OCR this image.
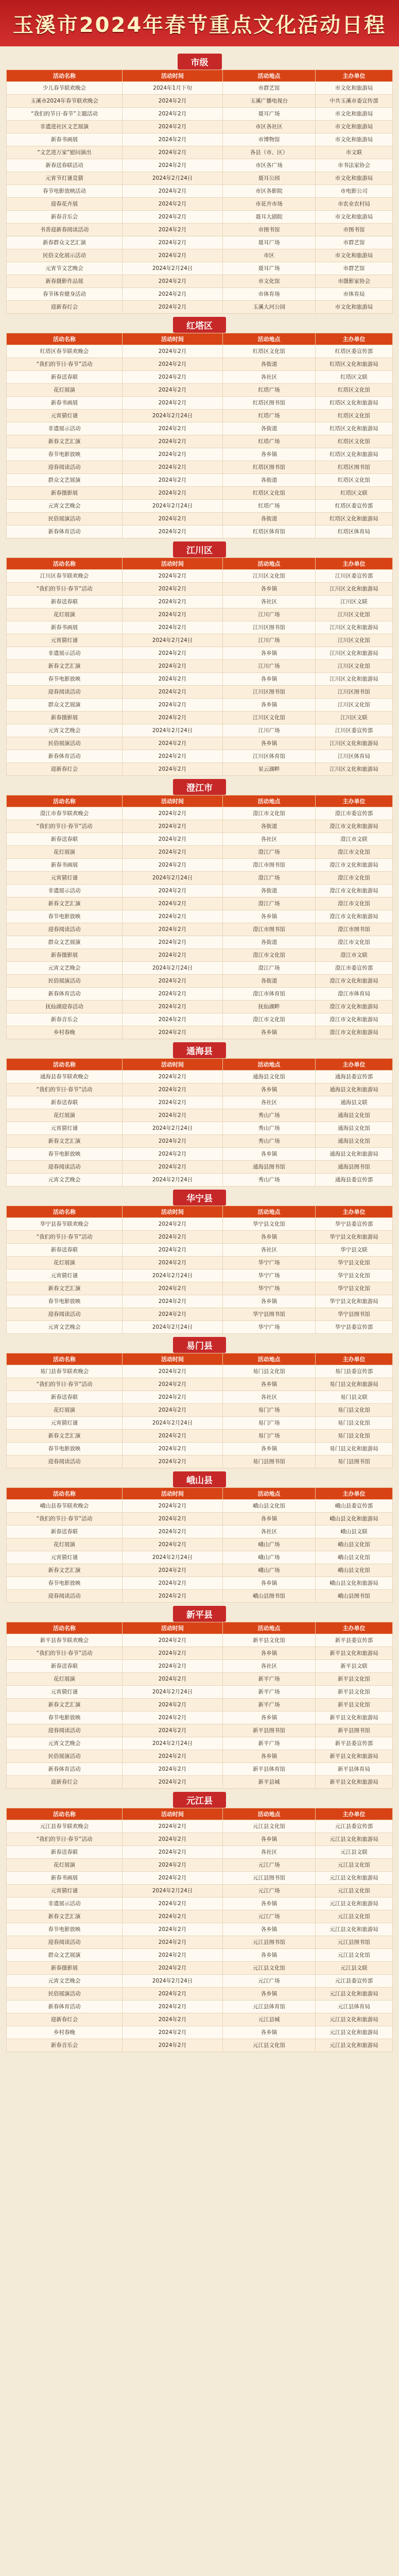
玉溪市2024年春节重点文化活动日程
市级
活动名称	活动时间	活动地点	主办单位
少儿春节联欢晚会	2024年1月下旬	市群艺馆	市文化和旅游局
玉溪市2024年春节联欢晚会	2024年2月	玉溪广播电视台	中共玉溪市委宣传部
“我们的节日·春节”主题活动	2024年2月	聂耳广场	市文化和旅游局
非遗进社区文艺展演	2024年2月	市区各社区	市文化和旅游局
新春书画展	2024年2月	市博物馆	市文化和旅游局
“文艺进万家”慰问演出	2024年2月	各县（市、区）	市文联
新春送春联活动	2024年2月	市区各广场	市书法家协会
元宵节灯谜竞猜	2024年2月24日	聂耳公园	市文化和旅游局
春节电影放映活动	2024年2月	市区各影院	市电影公司
迎春花卉展	2024年2月	市花卉市场	市农业农村局
新春音乐会	2024年2月	聂耳大剧院	市文化和旅游局
书香迎新春阅读活动	2024年2月	市图书馆	市图书馆
新春群众文艺汇演	2024年2月	聂耳广场	市群艺馆
民俗文化展示活动	2024年2月	市区	市文化和旅游局
元宵节文艺晚会	2024年2月24日	聂耳广场	市群艺馆
新春摄影作品展	2024年2月	市文化馆	市摄影家协会
春节体育健身活动	2024年2月	市体育场	市体育局
迎新春灯会	2024年2月	玉溪大河公园	市文化和旅游局
红塔区
活动名称	活动时间	活动地点	主办单位
红塔区春节联欢晚会	2024年2月	红塔区文化馆	红塔区委宣传部
“我们的节日·春节”活动	2024年2月	各街道	红塔区文化和旅游局
新春送春联	2024年2月	各社区	红塔区文联
花灯展演	2024年2月	红塔广场	红塔区文化馆
新春书画展	2024年2月	红塔区图书馆	红塔区文化和旅游局
元宵猜灯谜	2024年2月24日	红塔广场	红塔区文化馆
非遗展示活动	2024年2月	各街道	红塔区文化和旅游局
新春文艺汇演	2024年2月	红塔广场	红塔区文化馆
春节电影放映	2024年2月	各乡镇	红塔区文化和旅游局
迎春阅读活动	2024年2月	红塔区图书馆	红塔区图书馆
群众文艺展演	2024年2月	各街道	红塔区文化馆
新春摄影展	2024年2月	红塔区文化馆	红塔区文联
元宵文艺晚会	2024年2月24日	红塔广场	红塔区委宣传部
民俗展演活动	2024年2月	各街道	红塔区文化和旅游局
新春体育活动	2024年2月	红塔区体育馆	红塔区体育局
江川区
活动名称	活动时间	活动地点	主办单位
江川区春节联欢晚会	2024年2月	江川区文化馆	江川区委宣传部
“我们的节日·春节”活动	2024年2月	各乡镇	江川区文化和旅游局
新春送春联	2024年2月	各社区	江川区文联
花灯展演	2024年2月	江川广场	江川区文化馆
新春书画展	2024年2月	江川区图书馆	江川区文化和旅游局
元宵猜灯谜	2024年2月24日	江川广场	江川区文化馆
非遗展示活动	2024年2月	各乡镇	江川区文化和旅游局
新春文艺汇演	2024年2月	江川广场	江川区文化馆
春节电影放映	2024年2月	各乡镇	江川区文化和旅游局
迎春阅读活动	2024年2月	江川区图书馆	江川区图书馆
群众文艺展演	2024年2月	各乡镇	江川区文化馆
新春摄影展	2024年2月	江川区文化馆	江川区文联
元宵文艺晚会	2024年2月24日	江川广场	江川区委宣传部
民俗展演活动	2024年2月	各乡镇	江川区文化和旅游局
新春体育活动	2024年2月	江川区体育馆	江川区体育局
迎新春灯会	2024年2月	星云湖畔	江川区文化和旅游局
澄江市
活动名称	活动时间	活动地点	主办单位
澄江市春节联欢晚会	2024年2月	澄江市文化馆	澄江市委宣传部
“我们的节日·春节”活动	2024年2月	各街道	澄江市文化和旅游局
新春送春联	2024年2月	各社区	澄江市文联
花灯展演	2024年2月	澄江广场	澄江市文化馆
新春书画展	2024年2月	澄江市图书馆	澄江市文化和旅游局
元宵猜灯谜	2024年2月24日	澄江广场	澄江市文化馆
非遗展示活动	2024年2月	各街道	澄江市文化和旅游局
新春文艺汇演	2024年2月	澄江广场	澄江市文化馆
春节电影放映	2024年2月	各乡镇	澄江市文化和旅游局
迎春阅读活动	2024年2月	澄江市图书馆	澄江市图书馆
群众文艺展演	2024年2月	各街道	澄江市文化馆
新春摄影展	2024年2月	澄江市文化馆	澄江市文联
元宵文艺晚会	2024年2月24日	澄江广场	澄江市委宣传部
民俗展演活动	2024年2月	各街道	澄江市文化和旅游局
新春体育活动	2024年2月	澄江市体育馆	澄江市体育局
抚仙湖迎春活动	2024年2月	抚仙湖畔	澄江市文化和旅游局
新春音乐会	2024年2月	澄江市文化馆	澄江市文化和旅游局
乡村春晚	2024年2月	各乡镇	澄江市文化和旅游局
通海县
活动名称	活动时间	活动地点	主办单位
通海县春节联欢晚会	2024年2月	通海县文化馆	通海县委宣传部
“我们的节日·春节”活动	2024年2月	各乡镇	通海县文化和旅游局
新春送春联	2024年2月	各社区	通海县文联
花灯展演	2024年2月	秀山广场	通海县文化馆
元宵猜灯谜	2024年2月24日	秀山广场	通海县文化馆
新春文艺汇演	2024年2月	秀山广场	通海县文化馆
春节电影放映	2024年2月	各乡镇	通海县文化和旅游局
迎春阅读活动	2024年2月	通海县图书馆	通海县图书馆
元宵文艺晚会	2024年2月24日	秀山广场	通海县委宣传部
华宁县
活动名称	活动时间	活动地点	主办单位
华宁县春节联欢晚会	2024年2月	华宁县文化馆	华宁县委宣传部
“我们的节日·春节”活动	2024年2月	各乡镇	华宁县文化和旅游局
新春送春联	2024年2月	各社区	华宁县文联
花灯展演	2024年2月	华宁广场	华宁县文化馆
元宵猜灯谜	2024年2月24日	华宁广场	华宁县文化馆
新春文艺汇演	2024年2月	华宁广场	华宁县文化馆
春节电影放映	2024年2月	各乡镇	华宁县文化和旅游局
迎春阅读活动	2024年2月	华宁县图书馆	华宁县图书馆
元宵文艺晚会	2024年2月24日	华宁广场	华宁县委宣传部
易门县
活动名称	活动时间	活动地点	主办单位
易门县春节联欢晚会	2024年2月	易门县文化馆	易门县委宣传部
“我们的节日·春节”活动	2024年2月	各乡镇	易门县文化和旅游局
新春送春联	2024年2月	各社区	易门县文联
花灯展演	2024年2月	易门广场	易门县文化馆
元宵猜灯谜	2024年2月24日	易门广场	易门县文化馆
新春文艺汇演	2024年2月	易门广场	易门县文化馆
春节电影放映	2024年2月	各乡镇	易门县文化和旅游局
迎春阅读活动	2024年2月	易门县图书馆	易门县图书馆
峨山县
活动名称	活动时间	活动地点	主办单位
峨山县春节联欢晚会	2024年2月	峨山县文化馆	峨山县委宣传部
“我们的节日·春节”活动	2024年2月	各乡镇	峨山县文化和旅游局
新春送春联	2024年2月	各社区	峨山县文联
花灯展演	2024年2月	峨山广场	峨山县文化馆
元宵猜灯谜	2024年2月24日	峨山广场	峨山县文化馆
新春文艺汇演	2024年2月	峨山广场	峨山县文化馆
春节电影放映	2024年2月	各乡镇	峨山县文化和旅游局
迎春阅读活动	2024年2月	峨山县图书馆	峨山县图书馆
新平县
活动名称	活动时间	活动地点	主办单位
新平县春节联欢晚会	2024年2月	新平县文化馆	新平县委宣传部
“我们的节日·春节”活动	2024年2月	各乡镇	新平县文化和旅游局
新春送春联	2024年2月	各社区	新平县文联
花灯展演	2024年2月	新平广场	新平县文化馆
元宵猜灯谜	2024年2月24日	新平广场	新平县文化馆
新春文艺汇演	2024年2月	新平广场	新平县文化馆
春节电影放映	2024年2月	各乡镇	新平县文化和旅游局
迎春阅读活动	2024年2月	新平县图书馆	新平县图书馆
元宵文艺晚会	2024年2月24日	新平广场	新平县委宣传部
民俗展演活动	2024年2月	各乡镇	新平县文化和旅游局
新春体育活动	2024年2月	新平县体育馆	新平县体育局
迎新春灯会	2024年2月	新平县城	新平县文化和旅游局
元江县
活动名称	活动时间	活动地点	主办单位
元江县春节联欢晚会	2024年2月	元江县文化馆	元江县委宣传部
“我们的节日·春节”活动	2024年2月	各乡镇	元江县文化和旅游局
新春送春联	2024年2月	各社区	元江县文联
花灯展演	2024年2月	元江广场	元江县文化馆
新春书画展	2024年2月	元江县图书馆	元江县文化和旅游局
元宵猜灯谜	2024年2月24日	元江广场	元江县文化馆
非遗展示活动	2024年2月	各乡镇	元江县文化和旅游局
新春文艺汇演	2024年2月	元江广场	元江县文化馆
春节电影放映	2024年2月	各乡镇	元江县文化和旅游局
迎春阅读活动	2024年2月	元江县图书馆	元江县图书馆
群众文艺展演	2024年2月	各乡镇	元江县文化馆
新春摄影展	2024年2月	元江县文化馆	元江县文联
元宵文艺晚会	2024年2月24日	元江广场	元江县委宣传部
民俗展演活动	2024年2月	各乡镇	元江县文化和旅游局
新春体育活动	2024年2月	元江县体育馆	元江县体育局
迎新春灯会	2024年2月	元江县城	元江县文化和旅游局
乡村春晚	2024年2月	各乡镇	元江县文化和旅游局
新春音乐会	2024年2月	元江县文化馆	元江县文化和旅游局
